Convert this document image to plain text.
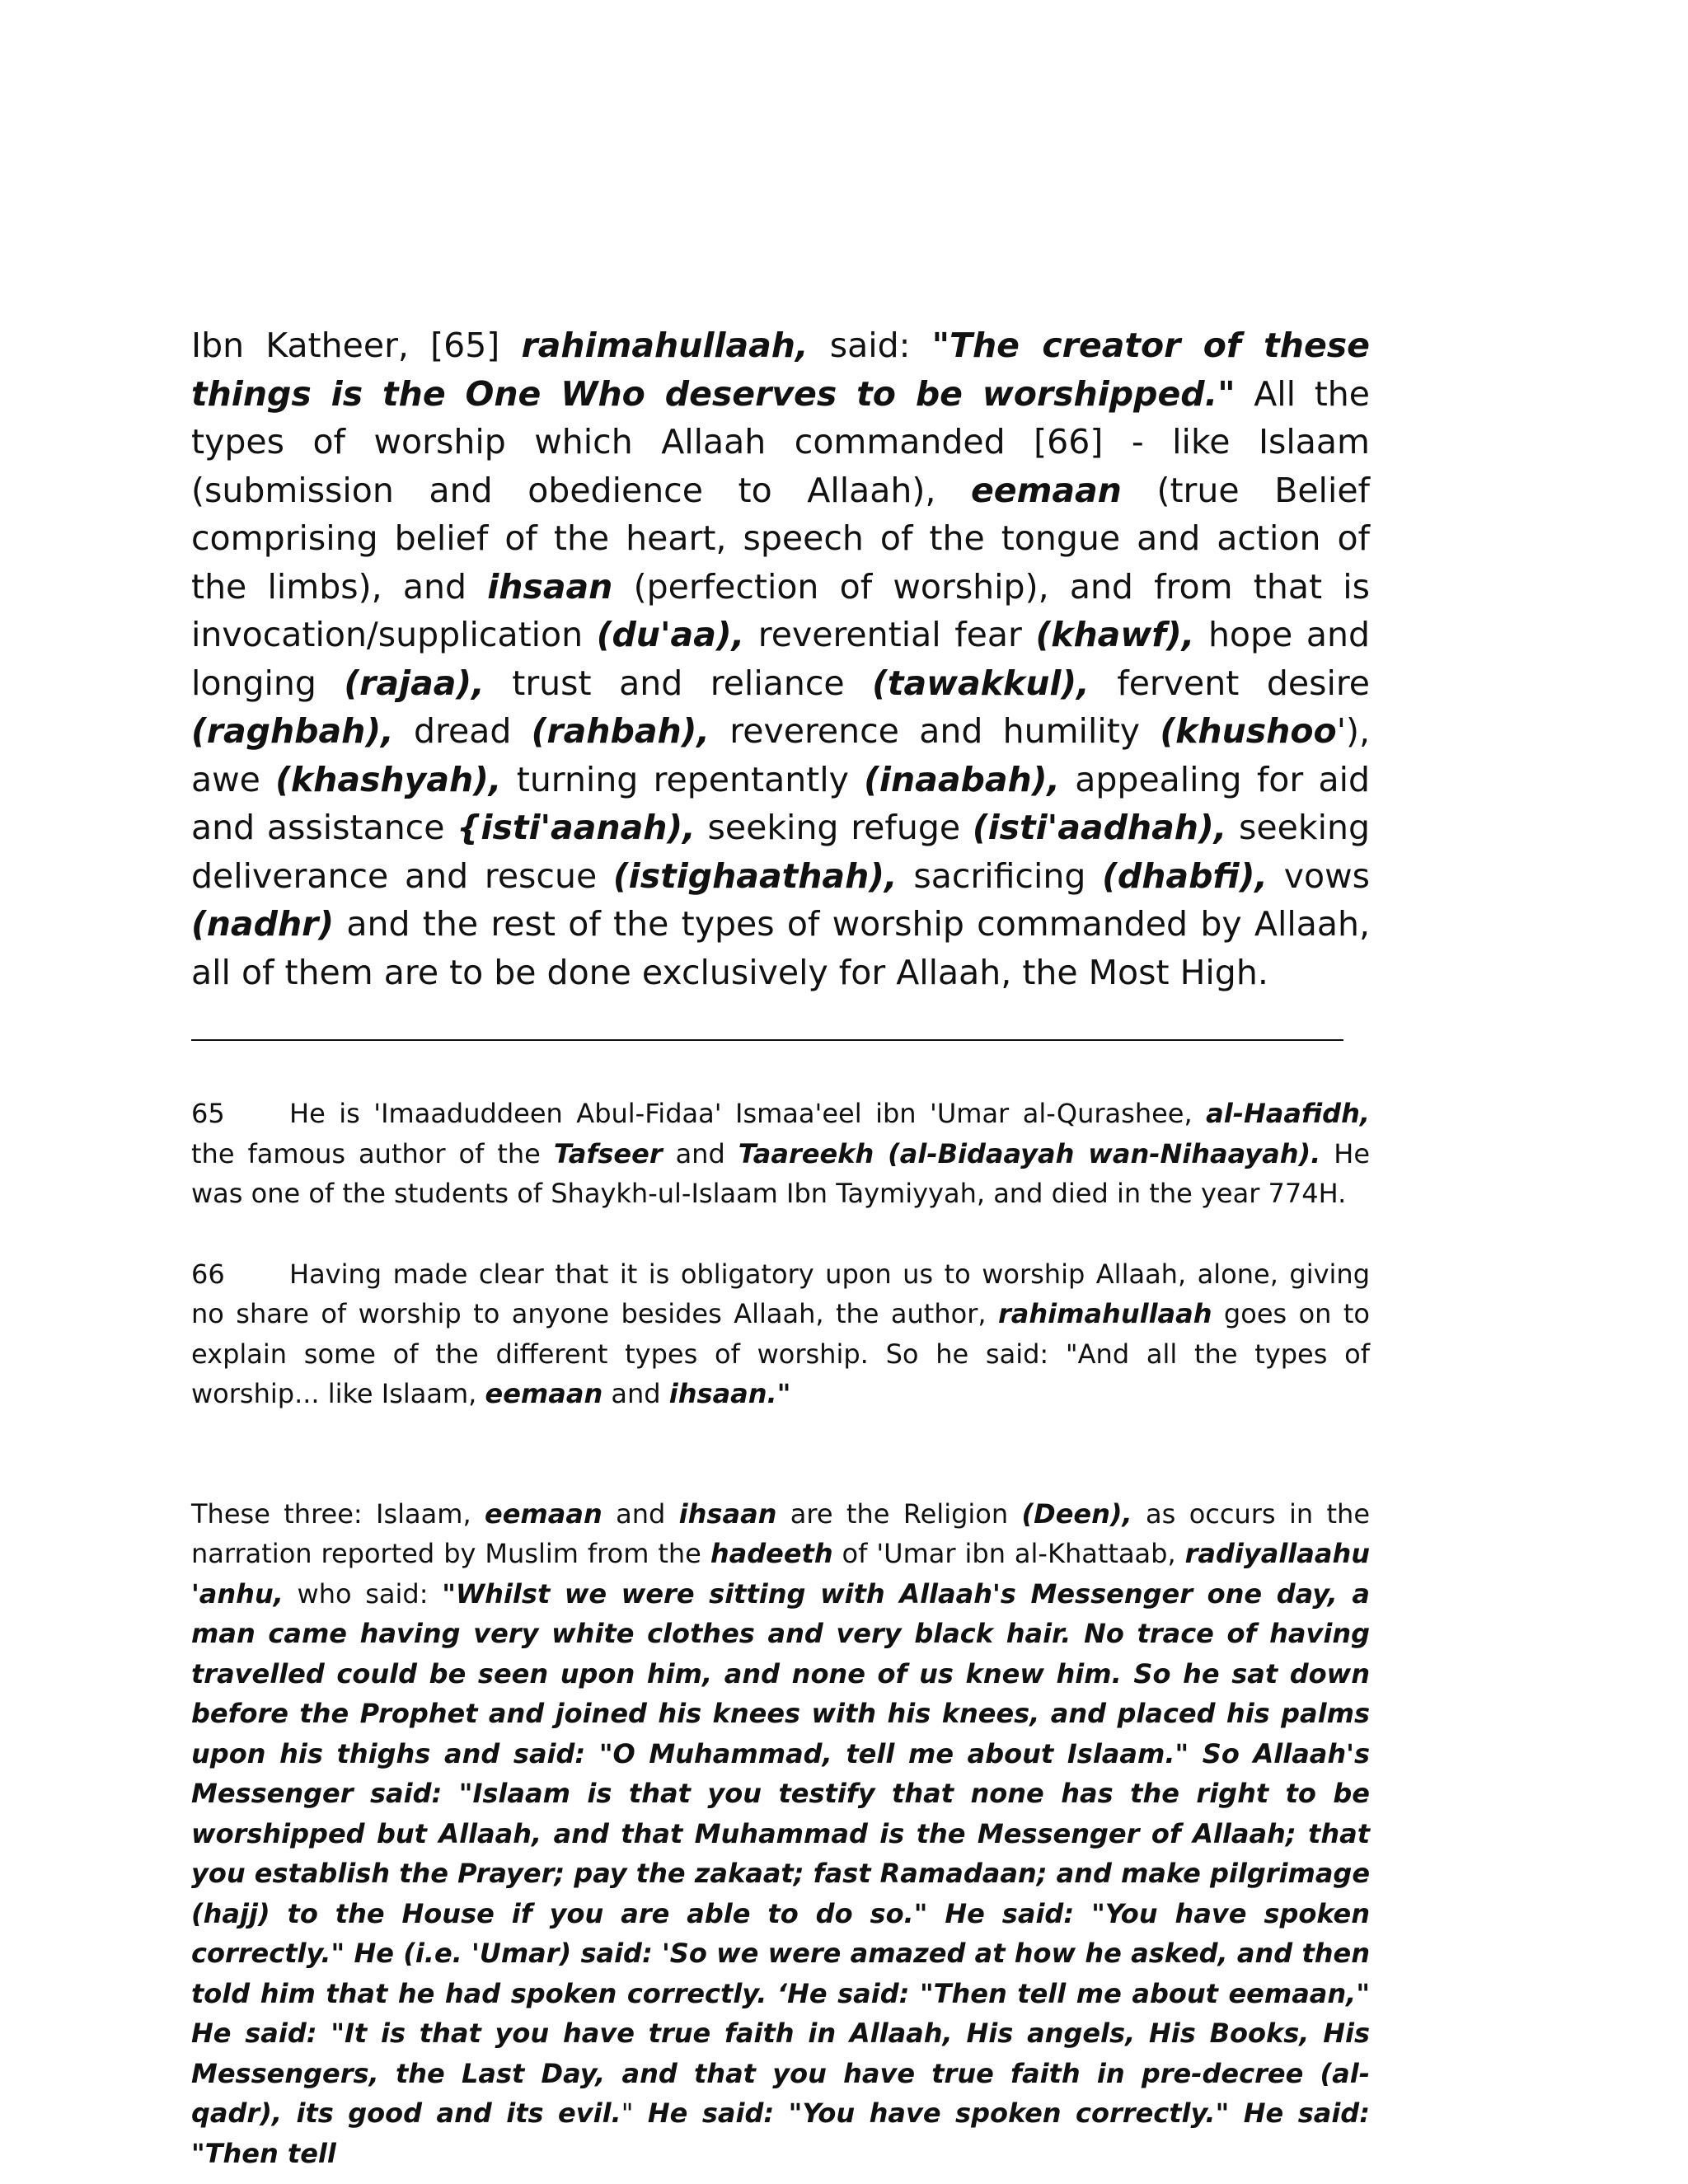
Ibn Katheer, [65] rahimahullaah, said: "The creator of these things is the One Who deserves to be worshipped." All the types of worship which Allaah commanded [66] - like Islaam (submission and obedience to Allaah), eemaan (true Belief comprising belief of the heart, speech of the tongue and action of the limbs), and ihsaan (perfection of worship), and from that is invocation/supplication (du'aa), reverential fear (khawf), hope and longing (rajaa), trust and reliance (tawakkul), fervent desire (raghbah), dread (rahbah), reverence and humility (khushoo'), awe (khashyah), turning repentantly (inaabah), appealing for aid and assistance {isti'aanah), seeking refuge (isti'aadhah), seeking deliverance and rescue (istighaathah), sacrificing (dhabfi), vows (nadhr) and the rest of the types of worship commanded by Allaah, all of them are to be done exclusively for Allaah, the Most High.

65 He is 'Imaaduddeen Abul-Fidaa' Ismaa'eel ibn 'Umar al-Qurashee, al-Haafidh, the famous author of the Tafseer and Taareekh (al-Bidaayah wan-Nihaayah). He was one of the students of Shaykh-ul-Islaam Ibn Taymiyyah, and died in the year 774H.

66 Having made clear that it is obligatory upon us to worship Allaah, alone, giving no share of worship to anyone besides Allaah, the author, rahimahullaah goes on to explain some of the different types of worship. So he said: "And all the types of worship... like Islaam, eemaan and ihsaan."

These three: Islaam, eemaan and ihsaan are the Religion (Deen), as occurs in the narration reported by Muslim from the hadeeth of 'Umar ibn al-Khattaab, radiyallaahu 'anhu, who said: "Whilst we were sitting with Allaah's Messenger one day, a man came having very white clothes and very black hair. No trace of having travelled could be seen upon him, and none of us knew him. So he sat down before the Prophet and joined his knees with his knees, and placed his palms upon his thighs and said: "O Muhammad, tell me about Islaam." So Allaah's Messenger said: "Islaam is that you testify that none has the right to be worshipped but Allaah, and that Muhammad is the Messenger of Allaah; that you establish the Prayer; pay the zakaat; fast Ramadaan; and make pilgrimage (hajj) to the House if you are able to do so." He said: "You have spoken correctly." He (i.e. 'Umar) said: 'So we were amazed at how he asked, and then told him that he had spoken correctly. ‘He said: "Then tell me about eemaan," He said: "It is that you have true faith in Allaah, His angels, His Books, His Messengers, the Last Day, and that you have true faith in pre-decree (al-qadr), its good and its evil." He said: "You have spoken correctly." He said: "Then tell
